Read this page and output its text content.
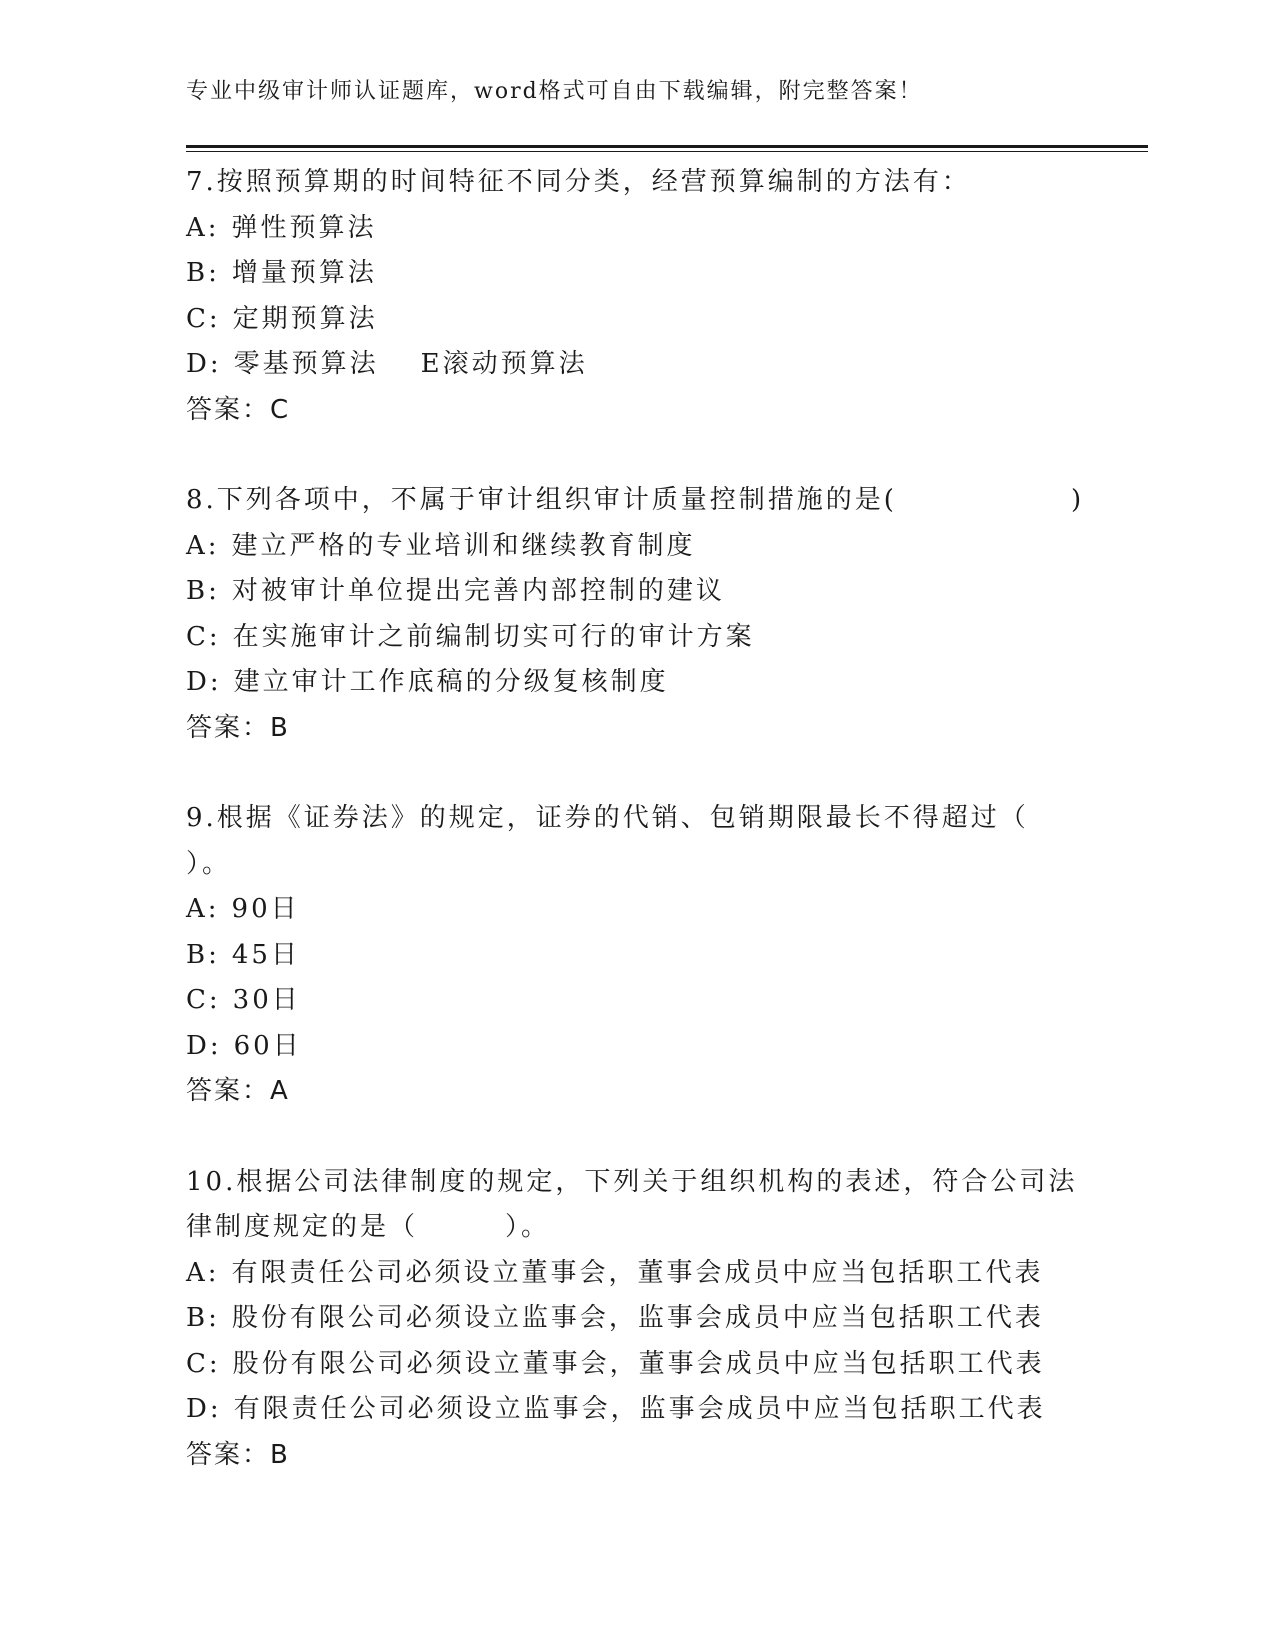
专业中级审计师认证题库，word格式可自由下载编辑，附完整答案！
7.按照预算期的时间特征不同分类，经营预算编制的方法有：
A: 弹性预算法
B: 增量预算法
C: 定期预算法
D: 零基预算法 E滚动预算法
答案：C
8.下列各项中，不属于审计组织审计质量控制措施的是(　　　　　　)
A: 建立严格的专业培训和继续教育制度
B: 对被审计单位提出完善内部控制的建议
C: 在实施审计之前编制切实可行的审计方案
D: 建立审计工作底稿的分级复核制度
答案：B
9.根据《证券法》的规定，证券的代销、包销期限最长不得超过（
）。
A: 90日
B: 45日
C: 30日
D: 60日
答案：A
10.根据公司法律制度的规定，下列关于组织机构的表述，符合公司法
律制度规定的是（　　　）。
A: 有限责任公司必须设立董事会，董事会成员中应当包括职工代表
B: 股份有限公司必须设立监事会，监事会成员中应当包括职工代表
C: 股份有限公司必须设立董事会，董事会成员中应当包括职工代表
D: 有限责任公司必须设立监事会，监事会成员中应当包括职工代表
答案：B
